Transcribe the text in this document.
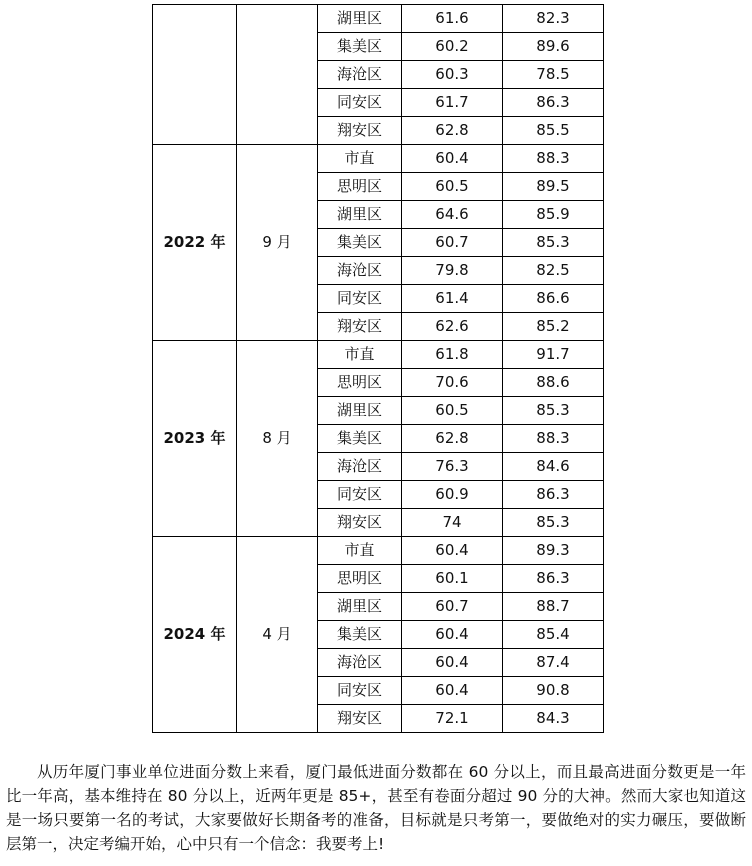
		湖里区	61.6	82.3
		集美区	60.2	89.6
		海沧区	60.3	78.5
		同安区	61.7	86.3
		翔安区	62.8	85.5
2022 年	9 月	市直	60.4	88.3
		思明区	60.5	89.5
		湖里区	64.6	85.9
		集美区	60.7	85.3
		海沧区	79.8	82.5
		同安区	61.4	86.6
		翔安区	62.6	85.2
2023 年	8 月	市直	61.8	91.7
		思明区	70.6	88.6
		湖里区	60.5	85.3
		集美区	62.8	88.3
		海沧区	76.3	84.6
		同安区	60.9	86.3
		翔安区	74	85.3
2024 年	4 月	市直	60.4	89.3
		思明区	60.1	86.3
		湖里区	60.7	88.7
		集美区	60.4	85.4
		海沧区	60.4	87.4
		同安区	60.4	90.8
		翔安区	72.1	84.3

从历年厦门事业单位进面分数上来看，厦门最低进面分数都在 60 分以上，而且最高进面分数更是一年比一年高，基本维持在 80 分以上，近两年更是 85+，甚至有卷面分超过 90 分的大神。然而大家也知道这是一场只要第一名的考试，大家要做好长期备考的准备，目标就是只考第一，要做绝对的实力碾压，要做断层第一，决定考编开始，心中只有一个信念：我要考上!
